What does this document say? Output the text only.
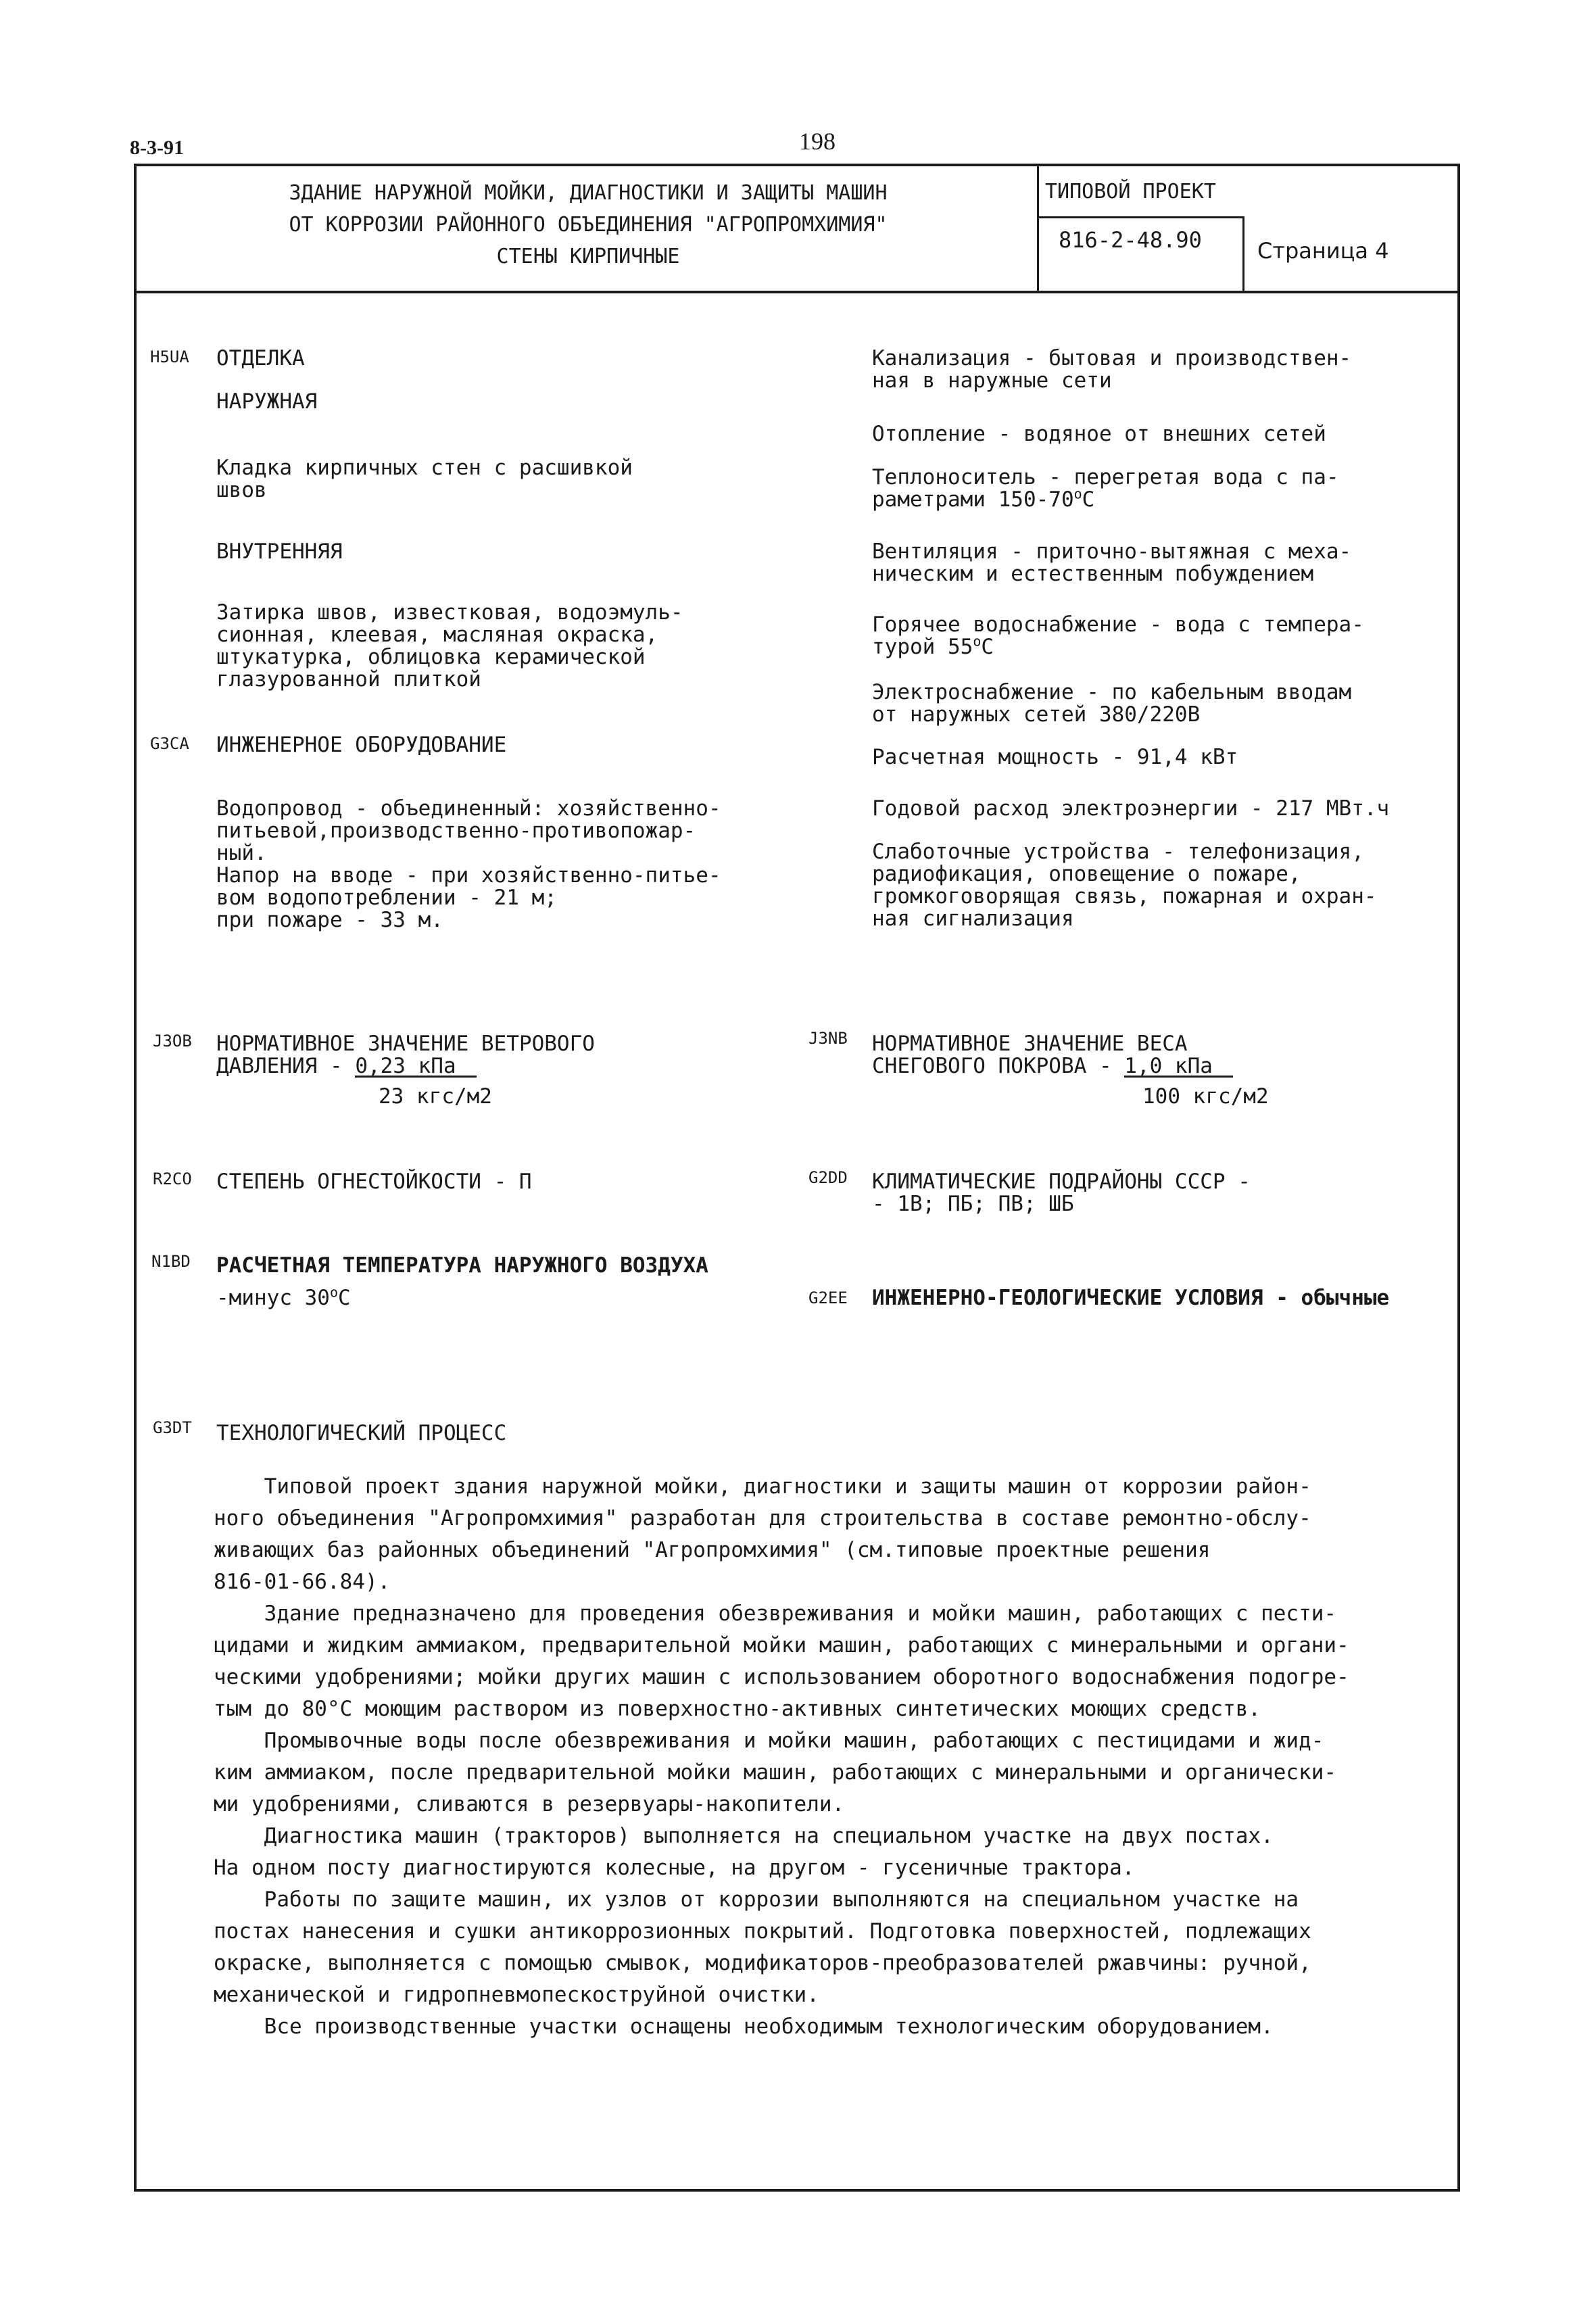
8-3-91	198
ЗДАНИЕ НАРУЖНОЙ МОЙКИ, ДИАГНОСТИКИ И ЗАЩИТЫ МАШИН
ОТ КОРРОЗИИ РАЙОННОГО ОБЪЕДИНЕНИЯ "АГРОПРОМХИМИЯ"
СТЕНЫ КИРПИЧНЫЕ
ТИПОВОЙ ПРОЕКТ
816-2-48.90	Страница 4
H5UA ОТДЕЛКА
НАРУЖНАЯ
Кладка кирпичных стен с расшивкой
швов
ВНУТРЕННЯЯ
Затирка швов, известковая, водоэмуль-
сионная, клеевая, масляная окраска,
штукатурка, облицовка керамической
глазурованной плиткой
G3CA ИНЖЕНЕРНОЕ ОБОРУДОВАНИЕ
Водопровод - объединенный: хозяйственно-
питьевой,производственно-противопожар-
ный.
Напор на вводе - при хозяйственно-питье-
вом водопотреблении - 21 м;
при пожаре - 33 м.
J3OB НОРМАТИВНОЕ ЗНАЧЕНИЕ ВЕТРОВОГО
ДАВЛЕНИЯ - 0,23 кПа
23 кгс/м2
R2CO СТЕПЕНЬ ОГНЕСТОЙКОСТИ - П
N1BD РАСЧЕТНАЯ ТЕМПЕРАТУРА НАРУЖНОГО ВОЗДУХА
-минус $30^оС$
Канализация - бытовая и производствен-
ная в наружные сети
Отопление - водяное от внешних сетей
Теплоноситель - перегретая вода с па-
раметрами $150-70^оС$
Вентиляция - приточно-вытяжная с меха-
ническим и естественным побуждением
Горячее водоснабжение - вода с темпера-
турой $55^оС$
Электроснабжение - по кабельным вводам
от наружных сетей 380/220В
Расчетная мощность - 91,4 кВт
Годовой расход электроэнергии - 217 МВт.ч
Слаботочные устройства - телефонизация,
радиофикация, оповещение о пожаре,
громкоговорящая связь, пожарная и охран-
ная сигнализация
J3NB НОРМАТИВНОЕ ЗНАЧЕНИЕ ВЕСА
СНЕГОВОГО ПОКРОВА - 1,0 кПа
100 кгс/м2
G2DD КЛИМАТИЧЕСКИЕ ПОДРАЙОНЫ СССР -
- 1В; ПБ; ПВ; ШБ
G2EE ИНЖЕНЕРНО-ГЕОЛОГИЧЕСКИЕ УСЛОВИЯ - обычные
G3DT ТЕХНОЛОГИЧЕСКИЙ ПРОЦЕСС
Типовой проект здания наружной мойки, диагностики и защиты машин от коррозии район-
ного объединения "Агропромхимия" разработан для строительства в составе ремонтно-обслу-
живающих баз районных объединений "Агропромхимия" (см.типовые проектные решения
816-01-66.84).
Здание предназначено для проведения обезвреживания и мойки машин, работающих с пести-
цидами и жидким аммиаком, предварительной мойки машин, работающих с минеральными и органи-
ческими удобрениями; мойки других машин с использованием оборотного водоснабжения подогре-
тым до 80°С моющим раствором из поверхностно-активных синтетических моющих средств.
Промывочные воды после обезвреживания и мойки машин, работающих с пестицидами и жид-
ким аммиаком, после предварительной мойки машин, работающих с минеральными и органически-
ми удобрениями, сливаются в резервуары-накопители.
Диагностика машин (тракторов) выполняется на специальном участке на двух постах.
На одном посту диагностируются колесные, на другом - гусеничные трактора.
Работы по защите машин, их узлов от коррозии выполняются на специальном участке на
постах нанесения и сушки антикоррозионных покрытий. Подготовка поверхностей, подлежащих
окраске, выполняется с помощью смывок, модификаторов-преобразователей ржавчины: ручной,
механической и гидропневмопескоструйной очистки.
Все производственные участки оснащены необходимым технологическим оборудованием.
